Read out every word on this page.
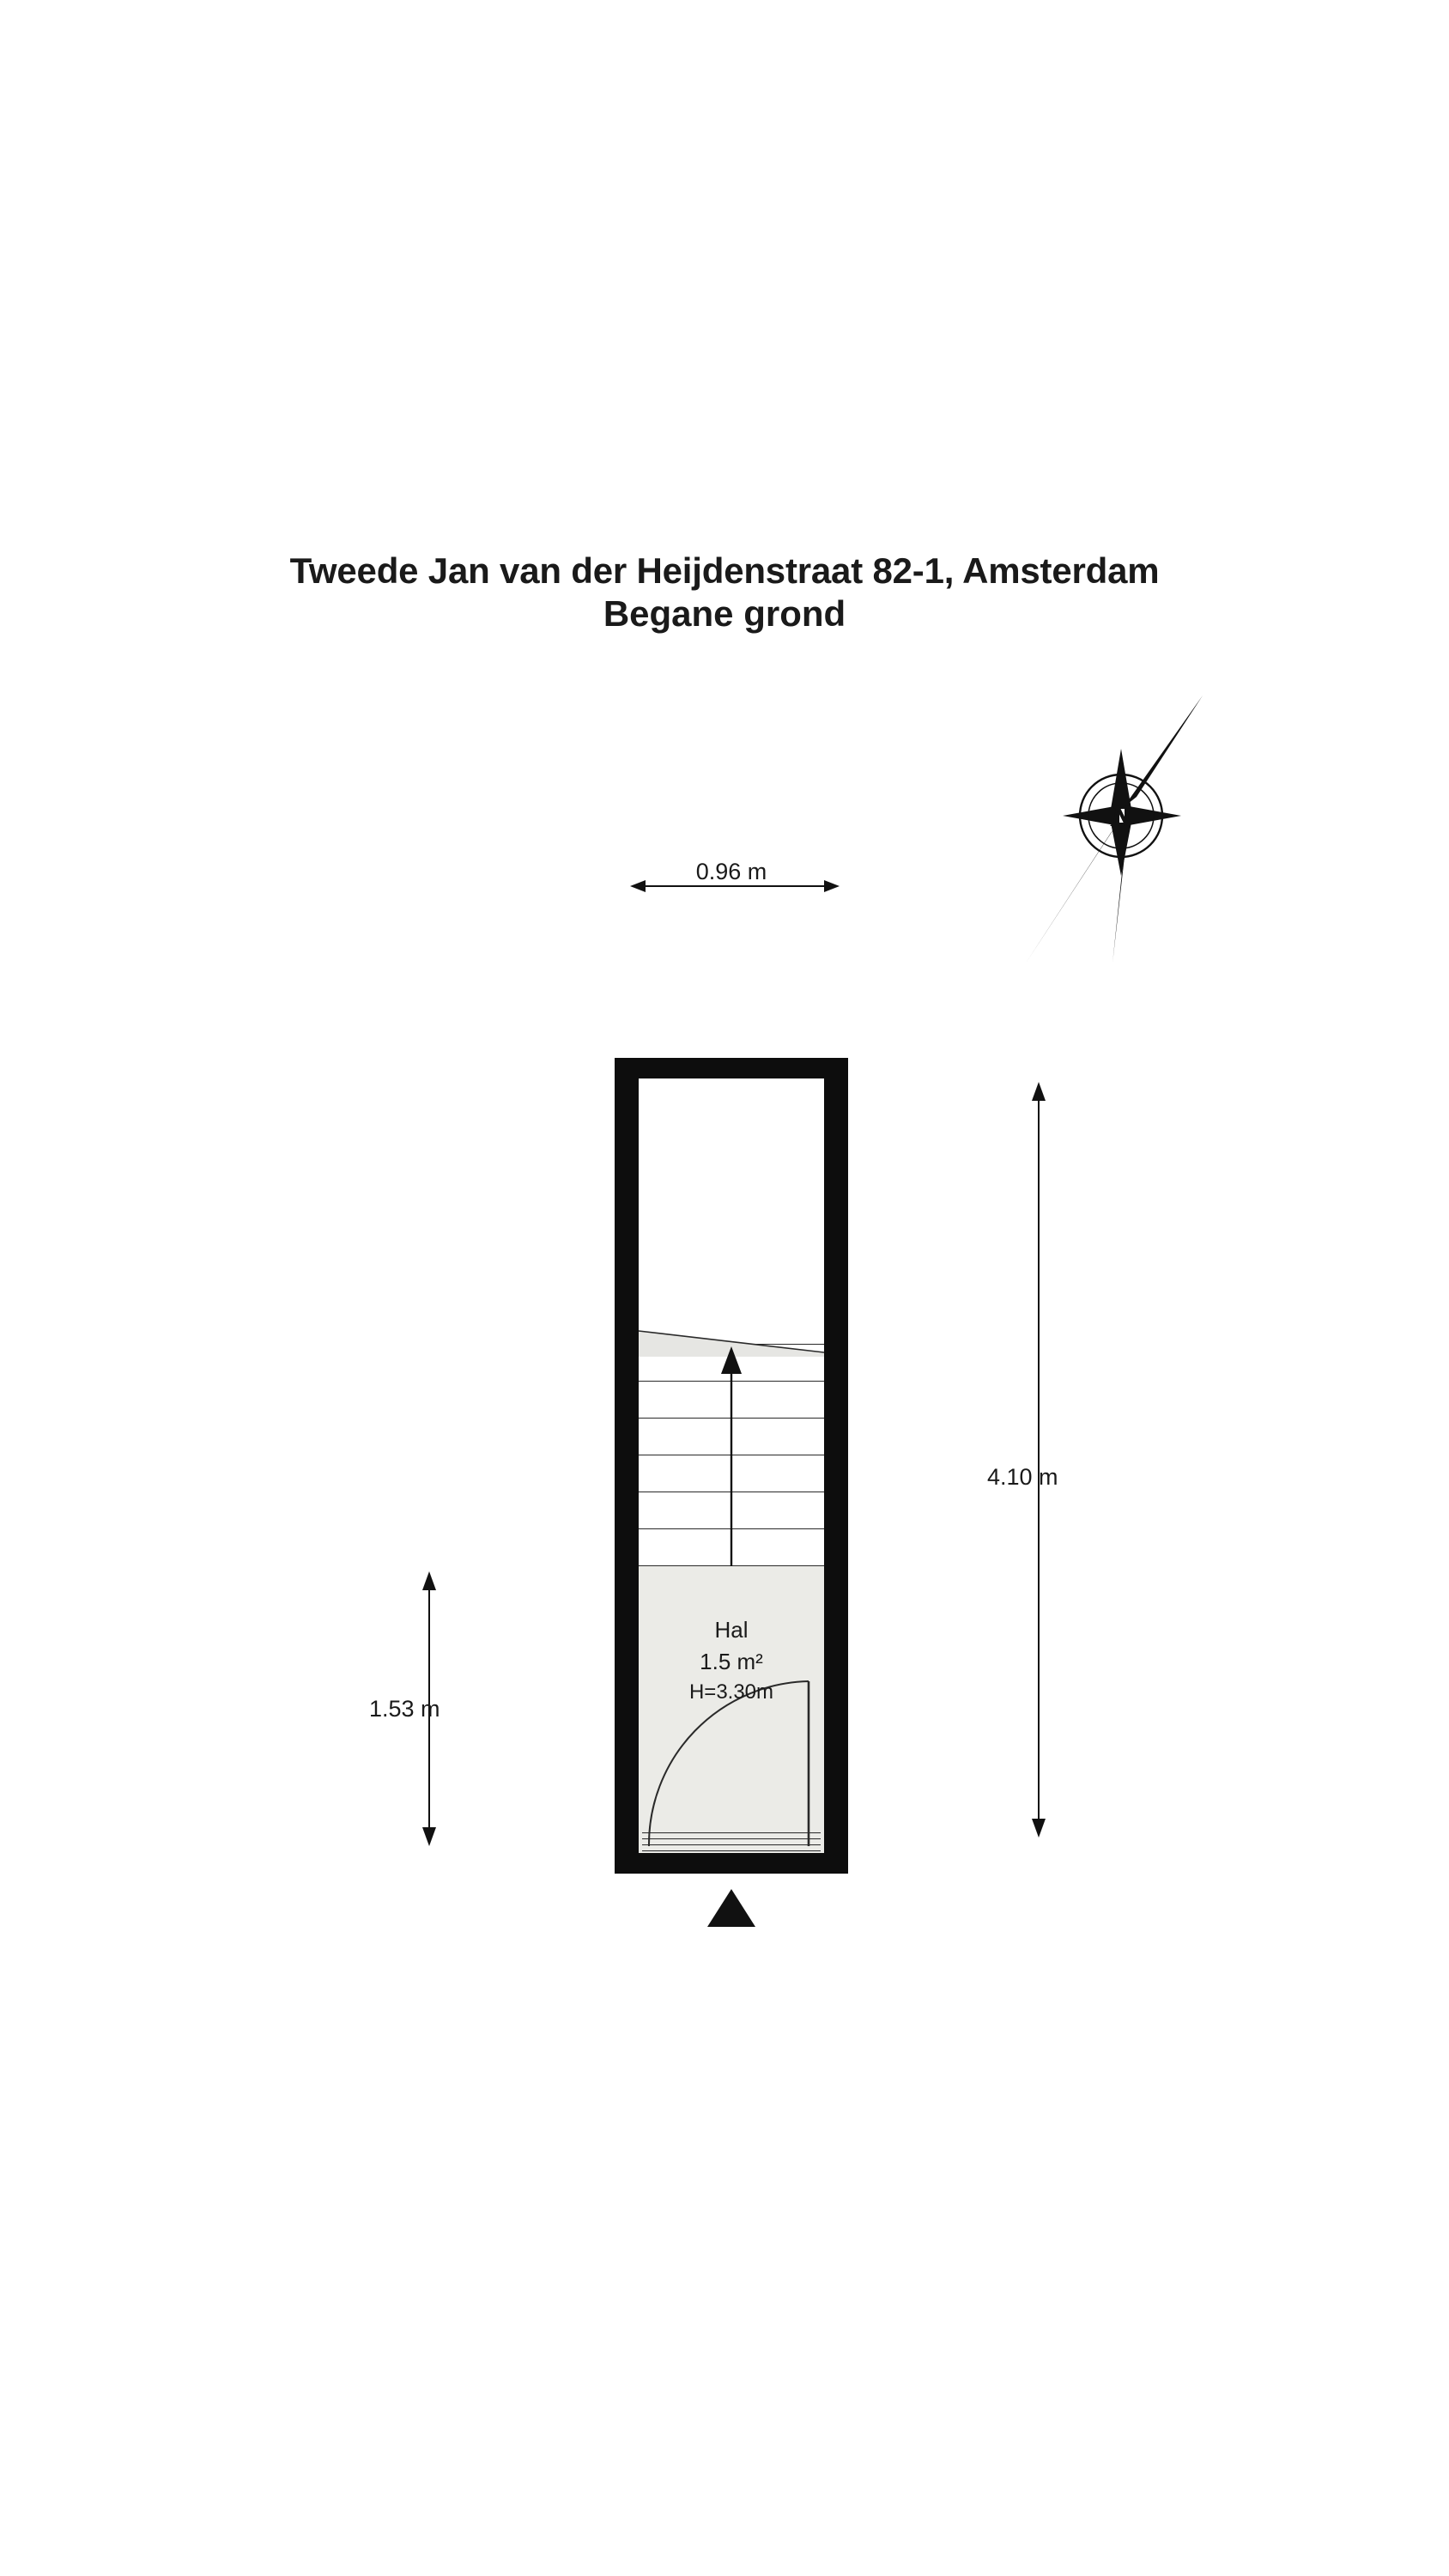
Tweede Jan van der Heijdenstraat 82-1, Amsterdam
Begane grond
Hal
1.5 m²
H=3.30m
0.96 m
4.10 m
1.53 m
N
